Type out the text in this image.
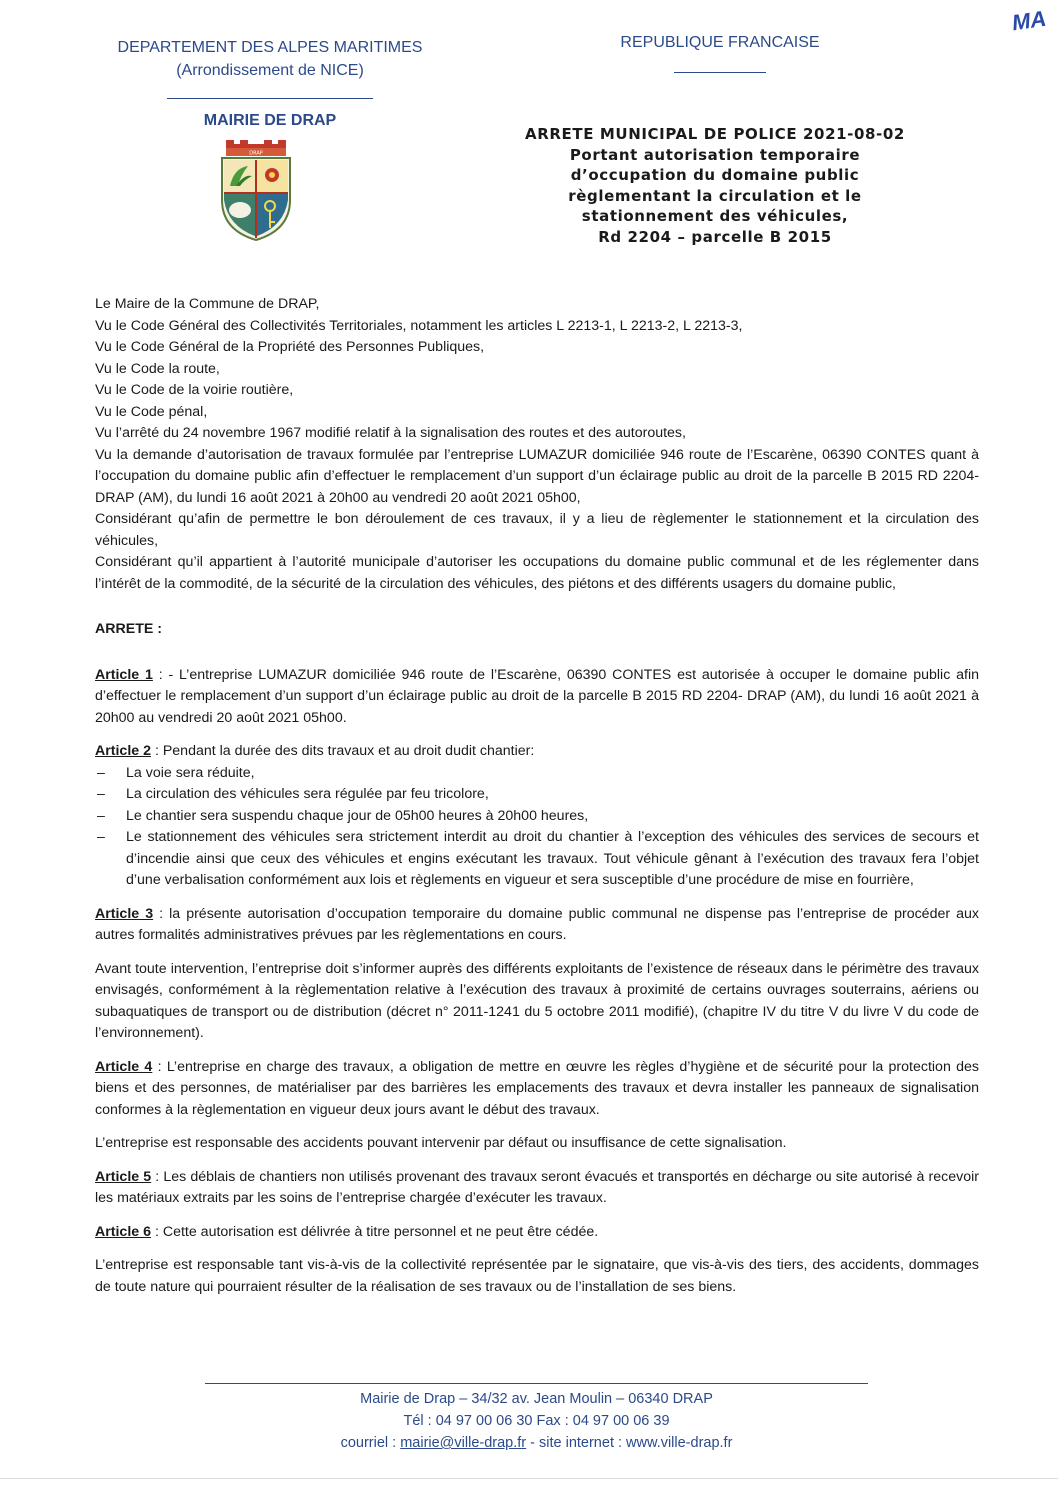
DEPARTEMENT DES ALPES MARITIMES
(Arrondissement de NICE)
MAIRIE DE DRAP
REPUBLIQUE FRANCAISE
MA
DRAP
ARRETE MUNICIPAL DE POLICE 2021-08-02
Portant autorisation temporaire
d’occupation du domaine public
règlementant la circulation et le
stationnement des véhicules,
Rd 2204 – parcelle B 2015

Le Maire de la Commune de DRAP,

Vu le Code Général des Collectivités Territoriales, notamment les articles L 2213-1, L 2213-2, L 2213-3,

Vu le Code Général de la Propriété des Personnes Publiques,

Vu le Code la route,

Vu le Code de la voirie routière,

Vu le Code pénal,

Vu l’arrêté du 24 novembre 1967 modifié relatif à la signalisation des routes et des autoroutes,

Vu la demande d’autorisation de travaux formulée par l’entreprise LUMAZUR domiciliée 946 route de l’Escarène, 06390 CONTES quant à l’occupation du domaine public afin d’effectuer le remplacement d’un support d’un éclairage public au droit de la parcelle B 2015 RD 2204- DRAP (AM), du lundi 16 août 2021 à 20h00 au vendredi 20 août 2021 05h00,

Considérant qu’afin de permettre le bon déroulement de ces travaux, il y a lieu de règlementer le stationnement et la circulation des véhicules,

Considérant qu’il appartient à l’autorité municipale d’autoriser les occupations du domaine public communal et de les réglementer dans l’intérêt de la commodité, de la sécurité de la circulation des véhicules, des piétons et des différents usagers du domaine public,

ARRETE :

Article 1 : - L’entreprise LUMAZUR domiciliée 946 route de l’Escarène, 06390 CONTES est autorisée à occuper le domaine public afin d’effectuer le remplacement d’un support d’un éclairage public au droit de la parcelle B 2015 RD 2204- DRAP (AM), du lundi 16 août 2021 à 20h00 au vendredi 20 août 2021 05h00.

Article 2 : Pendant la durée des dits travaux et au droit dudit chantier:

– La voie sera réduite,
– La circulation des véhicules sera régulée par feu tricolore,
– Le chantier sera suspendu chaque jour de 05h00 heures à 20h00 heures,
– Le stationnement des véhicules sera strictement interdit au droit du chantier à l’exception des véhicules des services de secours et d’incendie ainsi que ceux des véhicules et engins exécutant les travaux. Tout véhicule gênant à l’exécution des travaux fera l’objet d’une verbalisation conformément aux lois et règlements en vigueur et sera susceptible d’une procédure de mise en fourrière,

Article 3 : la présente autorisation d’occupation temporaire du domaine public communal ne dispense pas l’entreprise de procéder aux autres formalités administratives prévues par les règlementations en cours.

Avant toute intervention, l’entreprise doit s’informer auprès des différents exploitants de l’existence de réseaux dans le périmètre des travaux envisagés, conformément à la règlementation relative à l’exécution des travaux à proximité de certains ouvrages souterrains, aériens ou subaquatiques de transport ou de distribution (décret n° 2011-1241 du 5 octobre 2011 modifié), (chapitre IV du titre V du livre V du code de l’environnement).

Article 4 : L’entreprise en charge des travaux, a obligation de mettre en œuvre les règles d’hygiène et de sécurité pour la protection des biens et des personnes, de matérialiser par des barrières les emplacements des travaux et devra installer les panneaux de signalisation conformes à la règlementation en vigueur deux jours avant le début des travaux.

L’entreprise est responsable des accidents pouvant intervenir par défaut ou insuffisance de cette signalisation.

Article 5 : Les déblais de chantiers non utilisés provenant des travaux seront évacués et transportés en décharge ou site autorisé à recevoir les matériaux extraits par les soins de l’entreprise chargée d’exécuter les travaux.

Article 6 : Cette autorisation est délivrée à titre personnel et ne peut être cédée.

L’entreprise est responsable tant vis-à-vis de la collectivité représentée par le signataire, que vis-à-vis des tiers, des accidents, dommages de toute nature qui pourraient résulter de la réalisation de ses travaux ou de l’installation de ses biens.

Mairie de Drap – 34/32 av. Jean Moulin – 06340 DRAP
Tél : 04 97 00 06 30 Fax : 04 97 00 06 39
courriel : mairie@ville-drap.fr - site internet : www.ville-drap.fr
